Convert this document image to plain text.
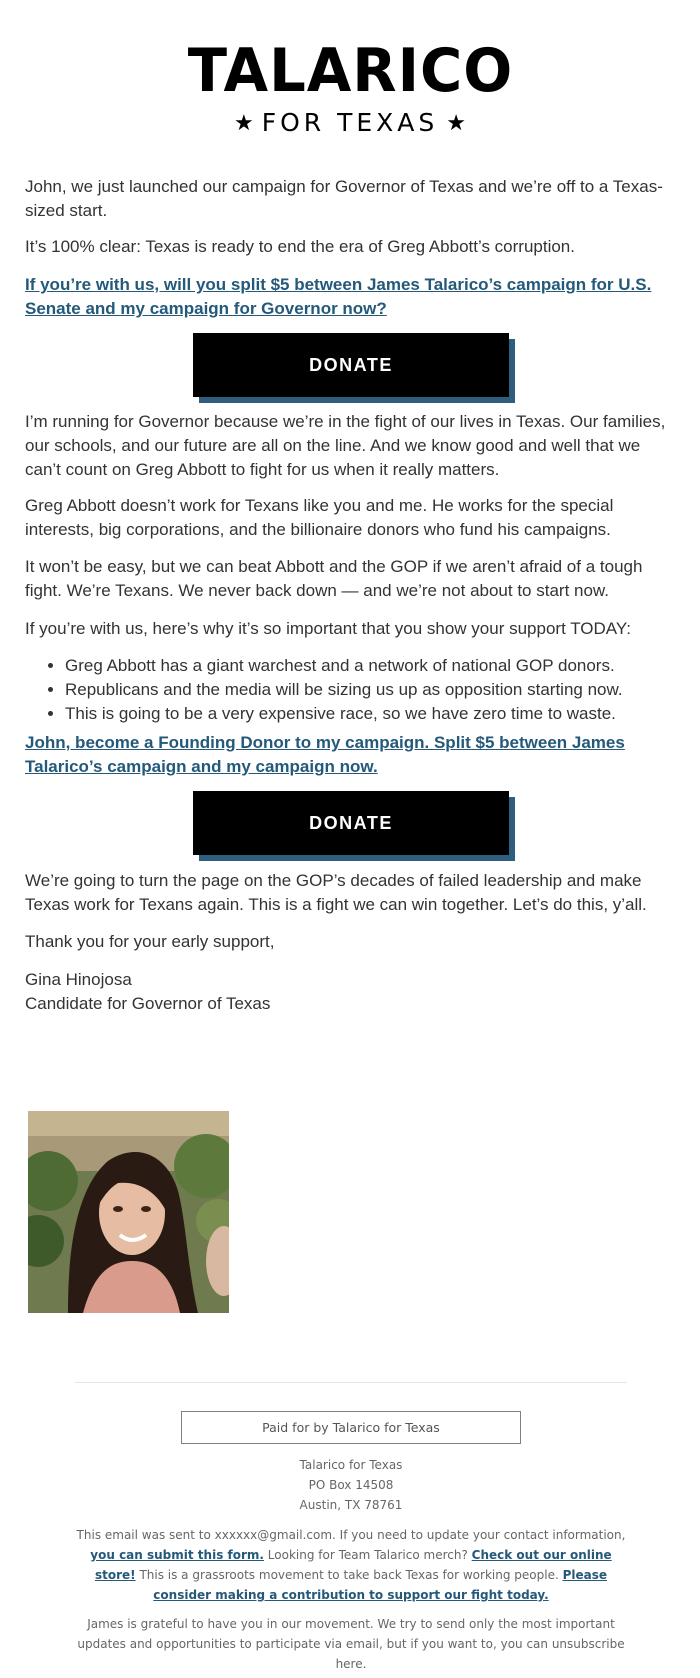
TALARICO
★ FOR TEXAS ★

John, we just launched our campaign for Governor of Texas and we’re off to a Texas-sized start.

It’s 100% clear: Texas is ready to end the era of Greg Abbott’s corruption.

If you’re with us, will you split $5 between James Talarico’s campaign for U.S. Senate and my campaign for Governor now?

DONATE

I’m running for Governor because we’re in the fight of our lives in Texas. Our families, our schools, and our future are all on the line. And we know good and well that we can’t count on Greg Abbott to fight for us when it really matters.

Greg Abbott doesn’t work for Texans like you and me. He works for the special interests, big corporations, and the billionaire donors who fund his campaigns.

It won’t be easy, but we can beat Abbott and the GOP if we aren’t afraid of a tough fight. We’re Texans. We never back down — and we’re not about to start now.

If you’re with us, here’s why it’s so important that you show your support TODAY:

• Greg Abbott has a giant warchest and a network of national GOP donors.
• Republicans and the media will be sizing us up as opposition starting now.
• This is going to be a very expensive race, so we have zero time to waste.

John, become a Founding Donor to my campaign. Split $5 between James Talarico’s campaign and my campaign now.

DONATE

We’re going to turn the page on the GOP’s decades of failed leadership and make Texas work for Texans again. This is a fight we can win together. Let’s do this, y’all.

Thank you for your early support,

Gina Hinojosa

Candidate for Governor of Texas

Paid for by Talarico for Texas
Talarico for Texas
PO Box 14508
Austin, TX 78761
This email was sent to xxxxxx@gmail.com. If you need to update your contact information, you can submit this form. Looking for Team Talarico merch? Check out our online store! This is a grassroots movement to take back Texas for working people. Please consider making a contribution to support our fight today.
James is grateful to have you in our movement. We try to send only the most important updates and opportunities to participate via email, but if you want to, you can unsubscribe here.
